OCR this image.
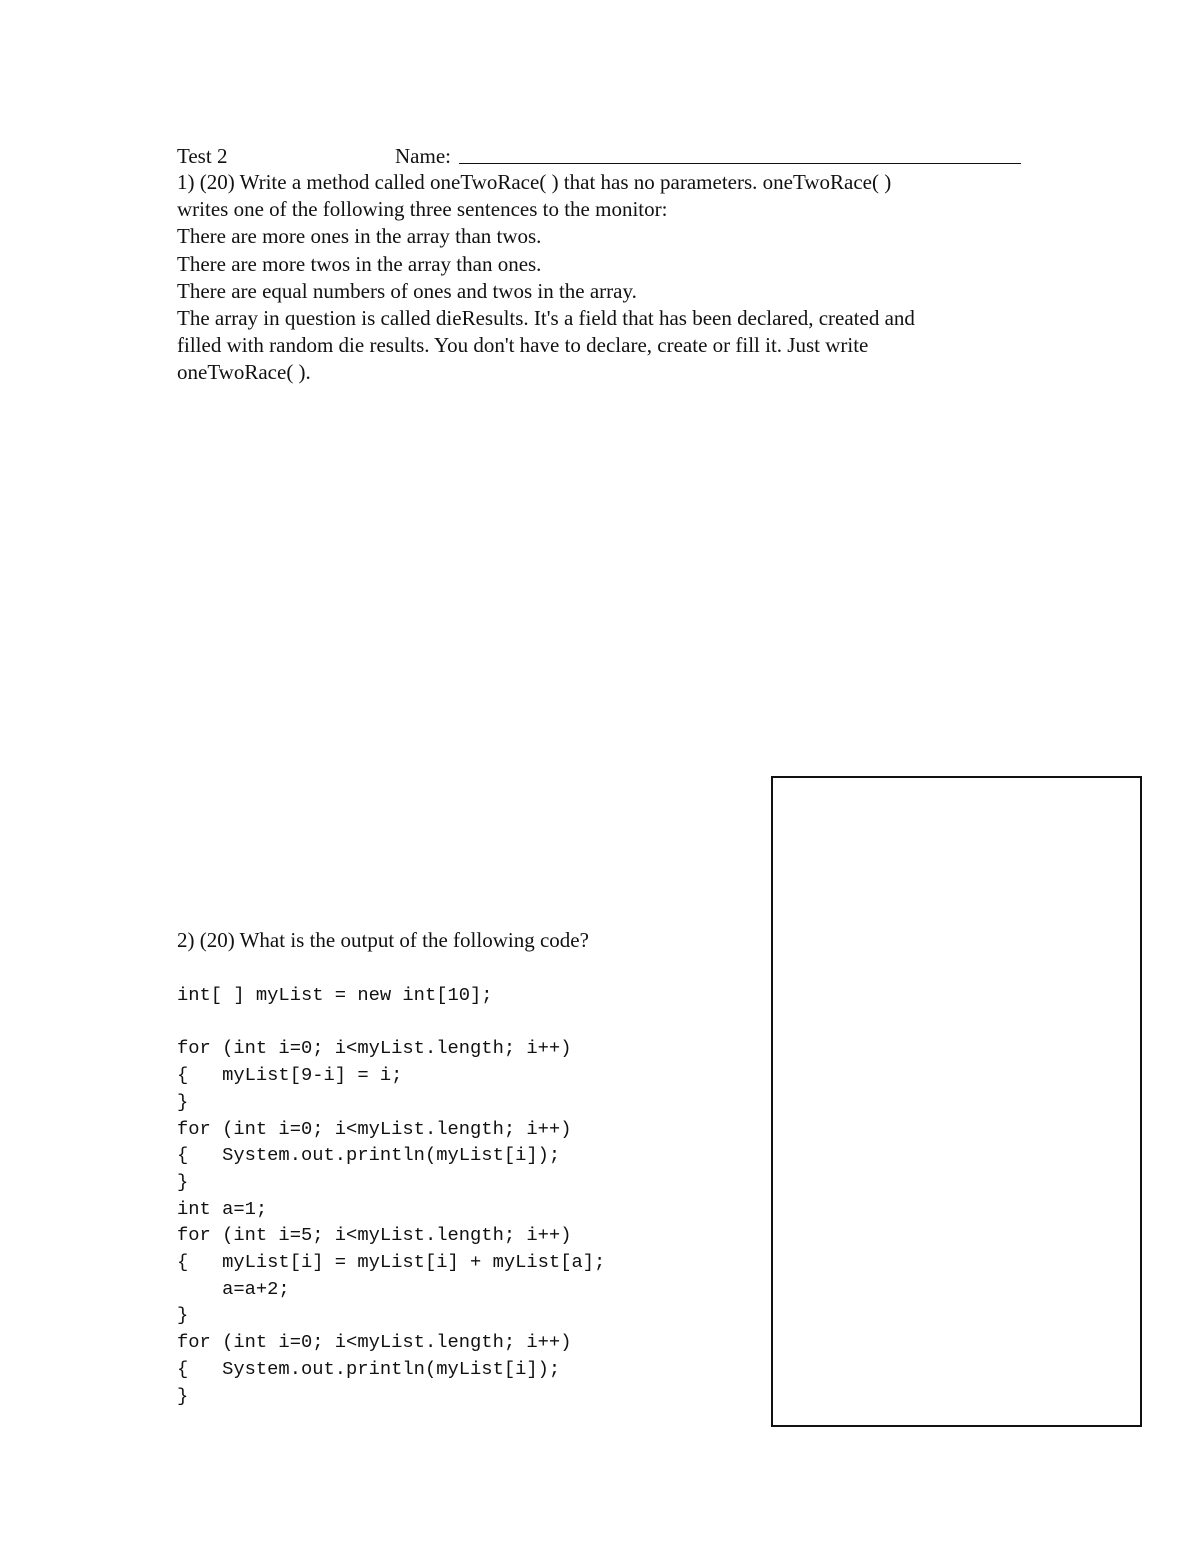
Test 2	Name:
1) (20) Write a method called oneTwoRace( ) that has no parameters. oneTwoRace( )
writes one of the following three sentences to the monitor:
There are more ones in the array than twos.
There are more twos in the array than ones.
There are equal numbers of ones and twos in the array.
The array in question is called dieResults. It's a field that has been declared, created and
filled with random die results. You don't have to declare, create or fill it. Just write
oneTwoRace( ).
2) (20) What is the output of the following code?
int[ ] myList = new int[10];
for (int i=0; i<myList.length; i++)
{   myList[9-i] = i;
}
for (int i=0; i<myList.length; i++)
{   System.out.println(myList[i]);
}
int a=1;
for (int i=5; i<myList.length; i++)
{   myList[i] = myList[i] + myList[a];
a=a+2;
}
for (int i=0; i<myList.length; i++)
{   System.out.println(myList[i]);
}
